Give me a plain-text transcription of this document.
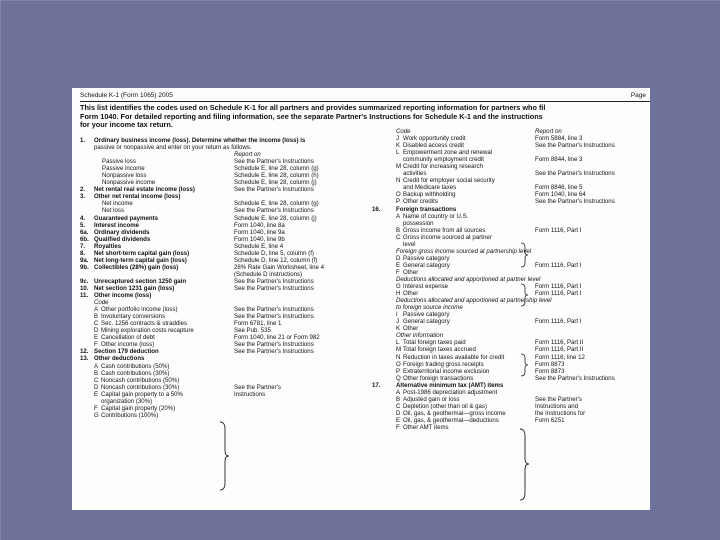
Schedule K-1 (Form 1065) 2005	Page
This list identifies the codes used on Schedule K-1 for all partners and provides summarized reporting information for partners who fil
Form 1040. For detailed reporting and filing information, see the separate Partner's Instructions for Schedule K-1 and the instructions
for your income tax return.
1. Ordinary business income (loss). Determine whether the income (loss) is
passive or nonpassive and enter on your return as follows.
Report on
Passive loss	See the Partner's Instructions
Passive income	Schedule E, line 28, column (g)
Nonpassive loss	Schedule E, line 28, column (h)
Nonpassive income	Schedule E, line 28, column (j)
2. Net rental real estate income (loss)	See the Partner's Instructions
3. Other net rental income (loss)
Net income	Schedule E, line 28, column (g)
Net loss	See the Partner's Instructions
4. Guaranteed payments	Schedule E, line 28, column (j)
5. Interest income	Form 1040, line 8a
6a. Ordinary dividends	Form 1040, line 9a
6b. Qualified dividends	Form 1040, line 9b
7. Royalties	Schedule E, line 4
8. Net short-term capital gain (loss)	Schedule D, line 5, column (f)
9a. Net long-term capital gain (loss)	Schedule D, line 12, column (f)
9b. Collectibles (28%) gain (loss)	28% Rate Gain Worksheet, line 4
(Schedule D instructions)
9c. Unrecaptured section 1250 gain	See the Partner's Instructions
10. Net section 1231 gain (loss)	See the Partner's Instructions
11. Other income (loss)
Code
A Other portfolio income (loss)	See the Partner's Instructions
B Involuntary conversions	See the Partner's Instructions
C Sec. 1256 contracts & straddles	Form 6781, line 1
D Mining exploration costs recapture	See Pub. 535
E Cancellation of debt	Form 1040, line 21 or Form 982
F Other income (loss)	See the Partner's Instructions
12. Section 179 deduction	See the Partner's Instructions
13. Other deductions
A Cash contributions (50%)
B Cash contributions (30%)
C Noncash contributions (50%)
D Noncash contributions (30%)	See the Partner's
E Capital gain property to a 50%	Instructions
organization (30%)
F Capital gain property (20%)
G Contributions (100%)
Code	Report on
J Work opportunity credit	Form 5884, line 3
K Disabled access credit	See the Partner's Instructions
L Empowerment zone and renewal
community employment credit	Form 8844, line 3
M Credit for increasing research
activities	See the Partner's Instructions
N Credit for employer social security
and Medicare taxes	Form 8846, line 5
O Backup withholding	Form 1040, line 64
P Other credits	See the Partner's Instructions
16.	Foreign transactions
A Name of country or U.S.
possession
B Gross income from all sources	Form 1116, Part I
C Gross income sourced at partner
level
Foreign gross income sourced at partnership level
D Passive category
E General category	Form 1116, Part I
F Other
Deductions allocated and apportioned at partner level
G Interest expense	Form 1116, Part I
H Other	Form 1116, Part I
Deductions allocated and apportioned at partnership level
to foreign source income
I Passive category
J General category	Form 1116, Part I
K Other
Other information
L Total foreign taxes paid	Form 1116, Part II
M Total foreign taxes accrued	Form 1116, Part II
N Reduction in taxes available for credit	Form 1116, line 12
O Foreign trading gross receipts	Form 8873
P Extraterritorial income exclusion	Form 8873
Q Other foreign transactions	See the Partner's Instructions
17.	Alternative minimum tax (AMT) items
A Post-1986 depreciation adjustment
B Adjusted gain or loss	See the Partner's
C Depletion (other than oil & gas)	Instructions and
D Oil, gas, & geothermal—gross income	the Instructions for
E Oil, gas, & geothermal—deductions	Form 6251
F Other AMT items
